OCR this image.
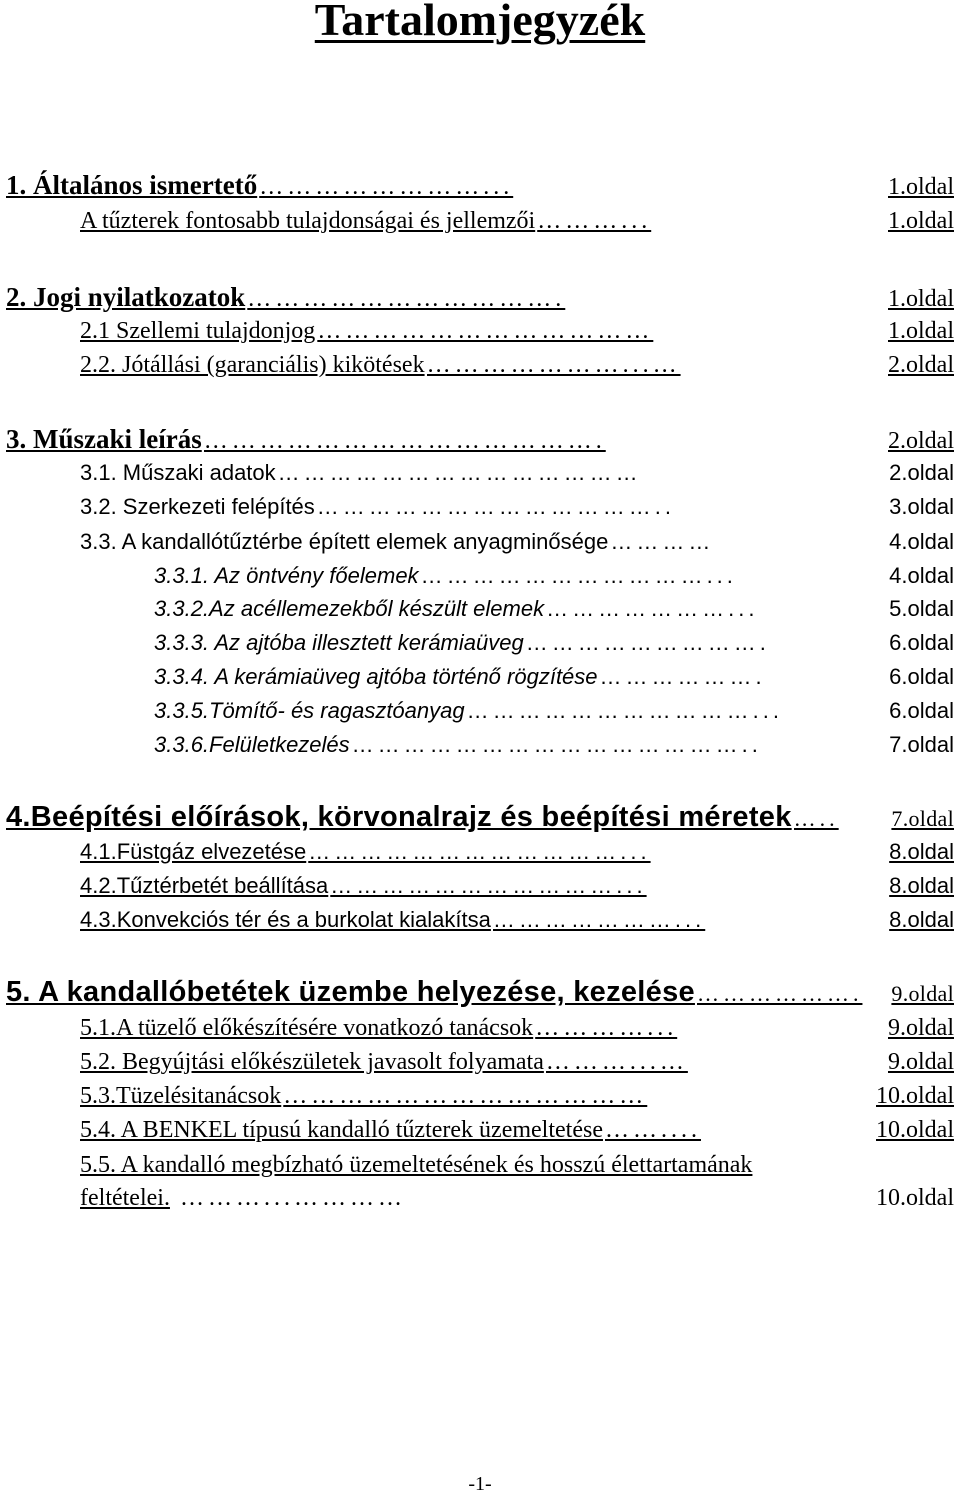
Tartalomjegyzék
1. Általános ismertető ……………………...	1.oldal
A tűzterek fontosabb tulajdonságai és jellemzői ………...	1.oldal
2. Jogi nyilatkozatok …………………………….	1.oldal
2.1 Szellemi tulajdonjog ………………………………	1.oldal
2.2. Jótállási (garanciális) kikötések …………………...…	2.oldal
3. Műszaki leírás …………………………………….	2.oldal
3.1. Műszaki adatok ……………………………………	2.oldal
3.2. Szerkezeti felépítés …………………………………..	3.oldal
3.3. A kandallótűztérbe épített elemek anyagminősége …………	4.oldal
3.3.1. Az öntvény főelemek ……………………………...	4.oldal
3.3.2.Az acéllemezekből készült elemek …………………...	5.oldal
3.3.3. Az ajtóba illesztett kerámiaüveg ……………………….	6.oldal
3.3.4. A kerámiaüveg ajtóba történő rögzítése ……………….	6.oldal
3.3.5.Tömítő- és ragasztóanyag ……………………………...	6.oldal
3.3.6.Felületkezelés ………………………………………..	7.oldal
4.Beépítési előírások, körvonalrajz és beépítési méretek …..	7.oldal
4.1.Füstgáz elvezetése ………………………………...	8.oldal
4.2.Tűztérbetét beállítása ……………………………...	8.oldal
4.3.Konvekciós tér és a burkolat kialakítsa …………………...	8.oldal
5. A kandallóbetétek üzembe helyezése, kezelése ……………….	9.oldal
5.1.A tüzelő előkészítésére vonatkozó tanácsok …………...	9.oldal
5.2. Begyújtási előkészületek javasolt folyamata ………...…	9.oldal
5.3.Tüzelésitanácsok …………………………………	10.oldal
5.4. A BENKEL típusú kandalló tűzterek üzemeltetése ……....	10.oldal
5.5. A kandalló megbízható üzemeltetésének és hosszú élettartamának
feltételei. ………...…………	10.oldal
-1-
